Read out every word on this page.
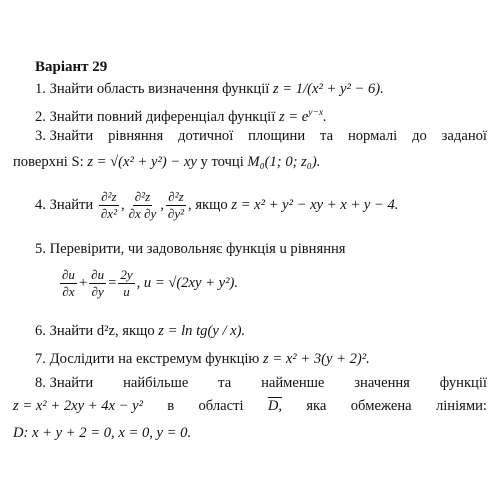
Варіант 29
1. Знайти область визначення функції z = 1/(x² + y² − 6).
2. Знайти повний диференціал функції $z = e^{y-x}$.
3. Знайти рівняння дотичної площини та нормалі до заданої
поверхні S: z = √(x² + y²) − xy у точці M₀(1; 0; z₀).
4.
Знайти
$\frac{\text{∂²z}}{\text{∂x²}}$ , $\frac{\text{∂²z}}{\partial x \partial y}$ , $\frac{\text{∂²z}}{\text{∂y²}}$ , якщо
z = x² + y² − xy + x + y − 4.
5. Перевірити, чи задовольняє функція u рівняння
$\frac{\partial u}{\partial x} + \frac{\partial u}{\partial y} = \frac{2y}{u}$ , u = √(2xy + y²).
6. Знайти d²z, якщо z = ln tg(y / x).
7. Дослідити на екстремум функцію z = x² + 3(y + 2)².
8. Знайти найбільше та найменше значення функції
z = x² + 2xy + 4x − y² в області D, яка обмежена лініями:
D: x + y + 2 = 0, x = 0, y = 0.
